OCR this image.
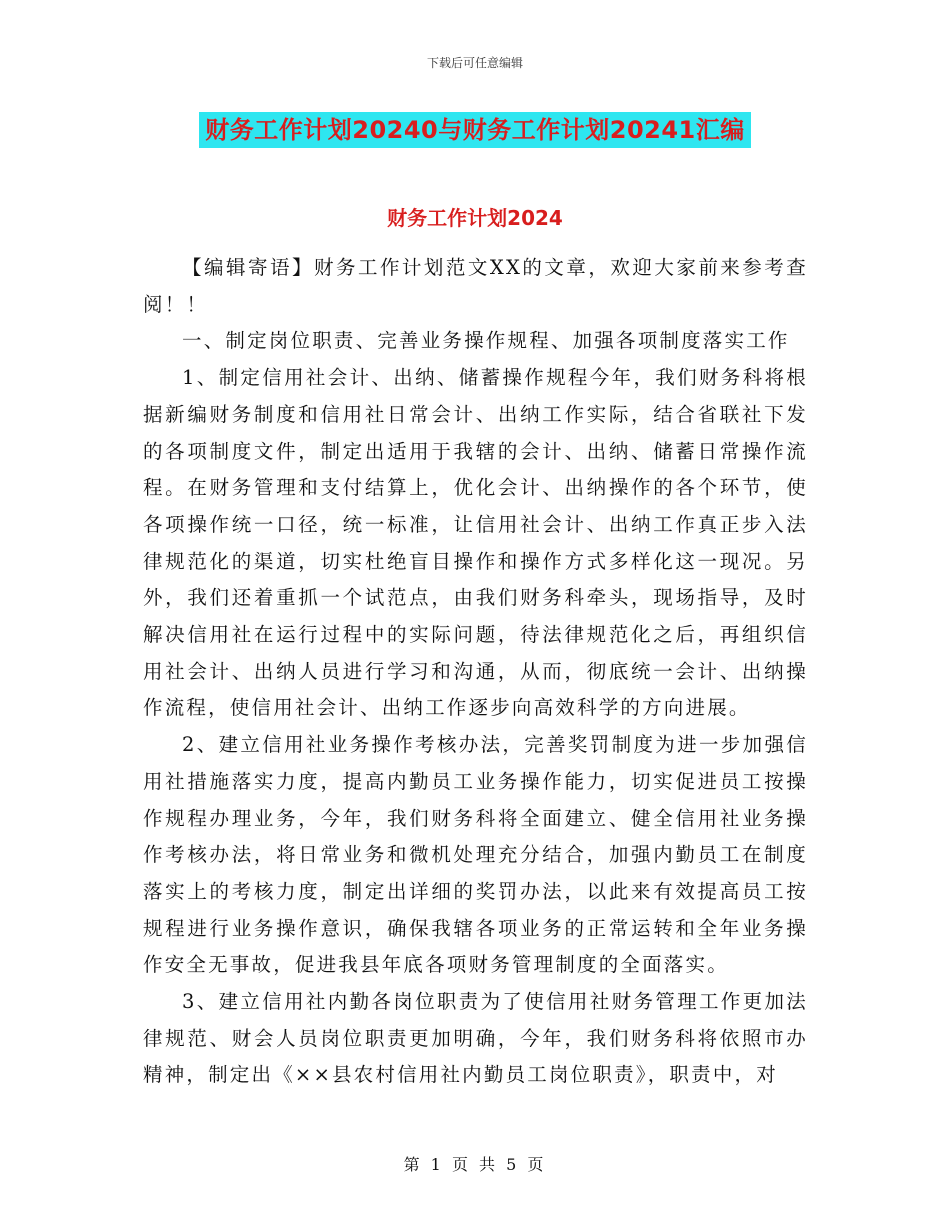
下载后可任意编辑
财务工作计划20240与财务工作计划20241汇编
财务工作计划2024

【编辑寄语】财务工作计划范文XX的文章，欢迎大家前来参考查阅！！

一、制定岗位职责、完善业务操作规程、加强各项制度落实工作

1、制定信用社会计、出纳、储蓄操作规程今年，我们财务科将根据新编财务制度和信用社日常会计、出纳工作实际，结合省联社下发的各项制度文件，制定出适用于我辖的会计、出纳、储蓄日常操作流程。在财务管理和支付结算上，优化会计、出纳操作的各个环节，使各项操作统一口径，统一标准，让信用社会计、出纳工作真正步入法律规范化的渠道，切实杜绝盲目操作和操作方式多样化这一现况。另外，我们还着重抓一个试范点，由我们财务科牵头，现场指导，及时解决信用社在运行过程中的实际问题，待法律规范化之后，再组织信用社会计、出纳人员进行学习和沟通，从而，彻底统一会计、出纳操作流程，使信用社会计、出纳工作逐步向高效科学的方向进展。

2、建立信用社业务操作考核办法，完善奖罚制度为进一步加强信用社措施落实力度，提高内勤员工业务操作能力，切实促进员工按操作规程办理业务，今年，我们财务科将全面建立、健全信用社业务操作考核办法，将日常业务和微机处理充分结合，加强内勤员工在制度落实上的考核力度，制定出详细的奖罚办法，以此来有效提高员工按规程进行业务操作意识，确保我辖各项业务的正常运转和全年业务操作安全无事故，促进我县年底各项财务管理制度的全面落实。

3、建立信用社内勤各岗位职责为了使信用社财务管理工作更加法律规范、财会人员岗位职责更加明确，今年，我们财务科将依照市办精神，制定出《××县农村信用社内勤员工岗位职责》，职责中，对

第 1 页 共 5 页
